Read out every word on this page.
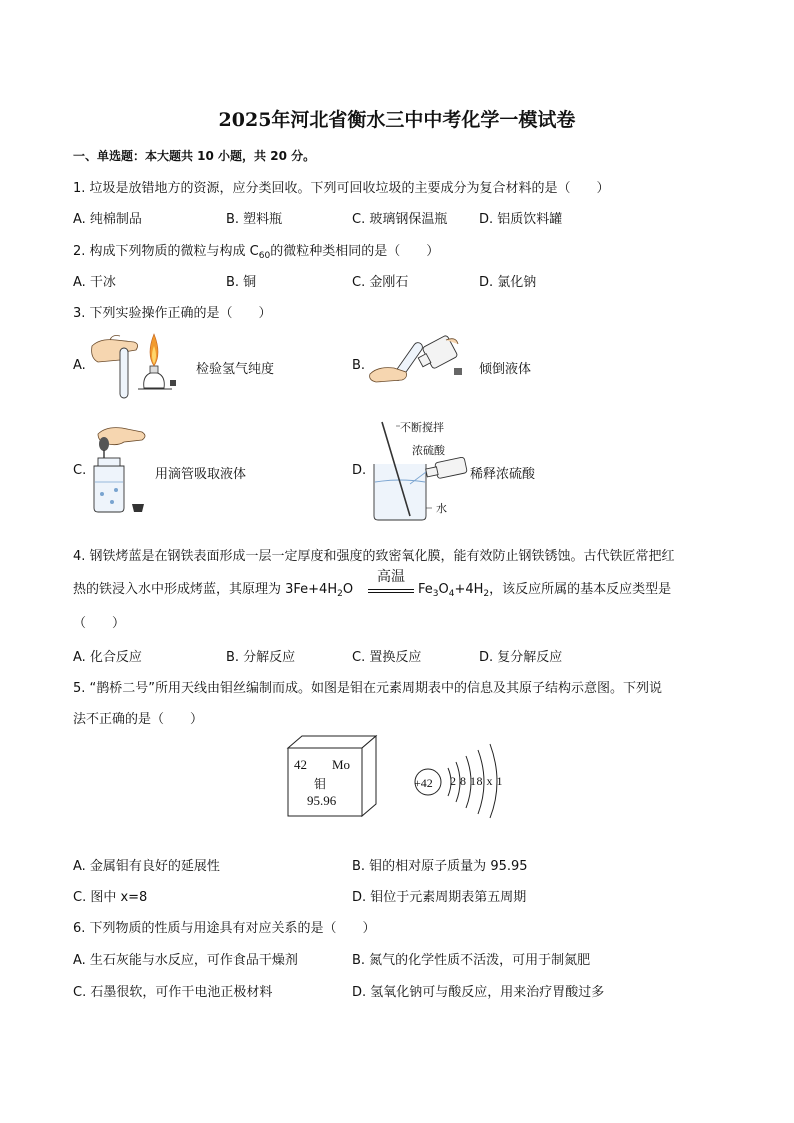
2025年河北省衡水三中中考化学一模试卷
一、单选题：本大题共 10 小题，共 20 分。
1. 垃圾是放错地方的资源，应分类回收。下列可回收垃圾的主要成分为复合材料的是（　　）
A. 纯棉制品	B. 塑料瓶	C. 玻璃钢保温瓶 D. 铝质饮料罐
2. 构成下列物质的微粒与构成 $C_{60}$的微粒种类相同的是（　　）
A. 干冰	B. 铜	C. 金刚石	D. 氯化钠
3. 下列实验操作正确的是（　　）
A.	检验氢气纯度	B.	倾倒液体
C.	用滴管吸取液体	D.
不断搅拌
浓硫酸
水
稀释浓硫酸
4. 钢铁烤蓝是在钢铁表面形成一层一定厚度和强度的致密氧化膜，能有效防止钢铁锈蚀。古代铁匠常把红
热的铁浸入水中形成烤蓝，其原理为 $3Fe+4H_2O$
高温
$Fe_3O_4+4H_2$，该反应所属的基本反应类型是
（　　）
A. 化合反应	B. 分解反应	C. 置换反应	D. 复分解反应
5. “鹊桥二号”所用天线由钼丝编制而成。如图是钼在元素周期表中的信息及其原子结构示意图。下列说
法不正确的是（　　）
42 Mo
钼
95.96
+42 2 8 18 x 1
A. 金属钼有良好的延展性	B. 钼的相对原子质量为 95.95
C. 图中 x=8	D. 钼位于元素周期表第五周期
6. 下列物质的性质与用途具有对应关系的是（　　）
A. 生石灰能与水反应，可作食品干燥剂	B. 氮气的化学性质不活泼，可用于制氮肥
C. 石墨很软，可作干电池正极材料	D. 氢氧化钠可与酸反应，用来治疗胃酸过多
